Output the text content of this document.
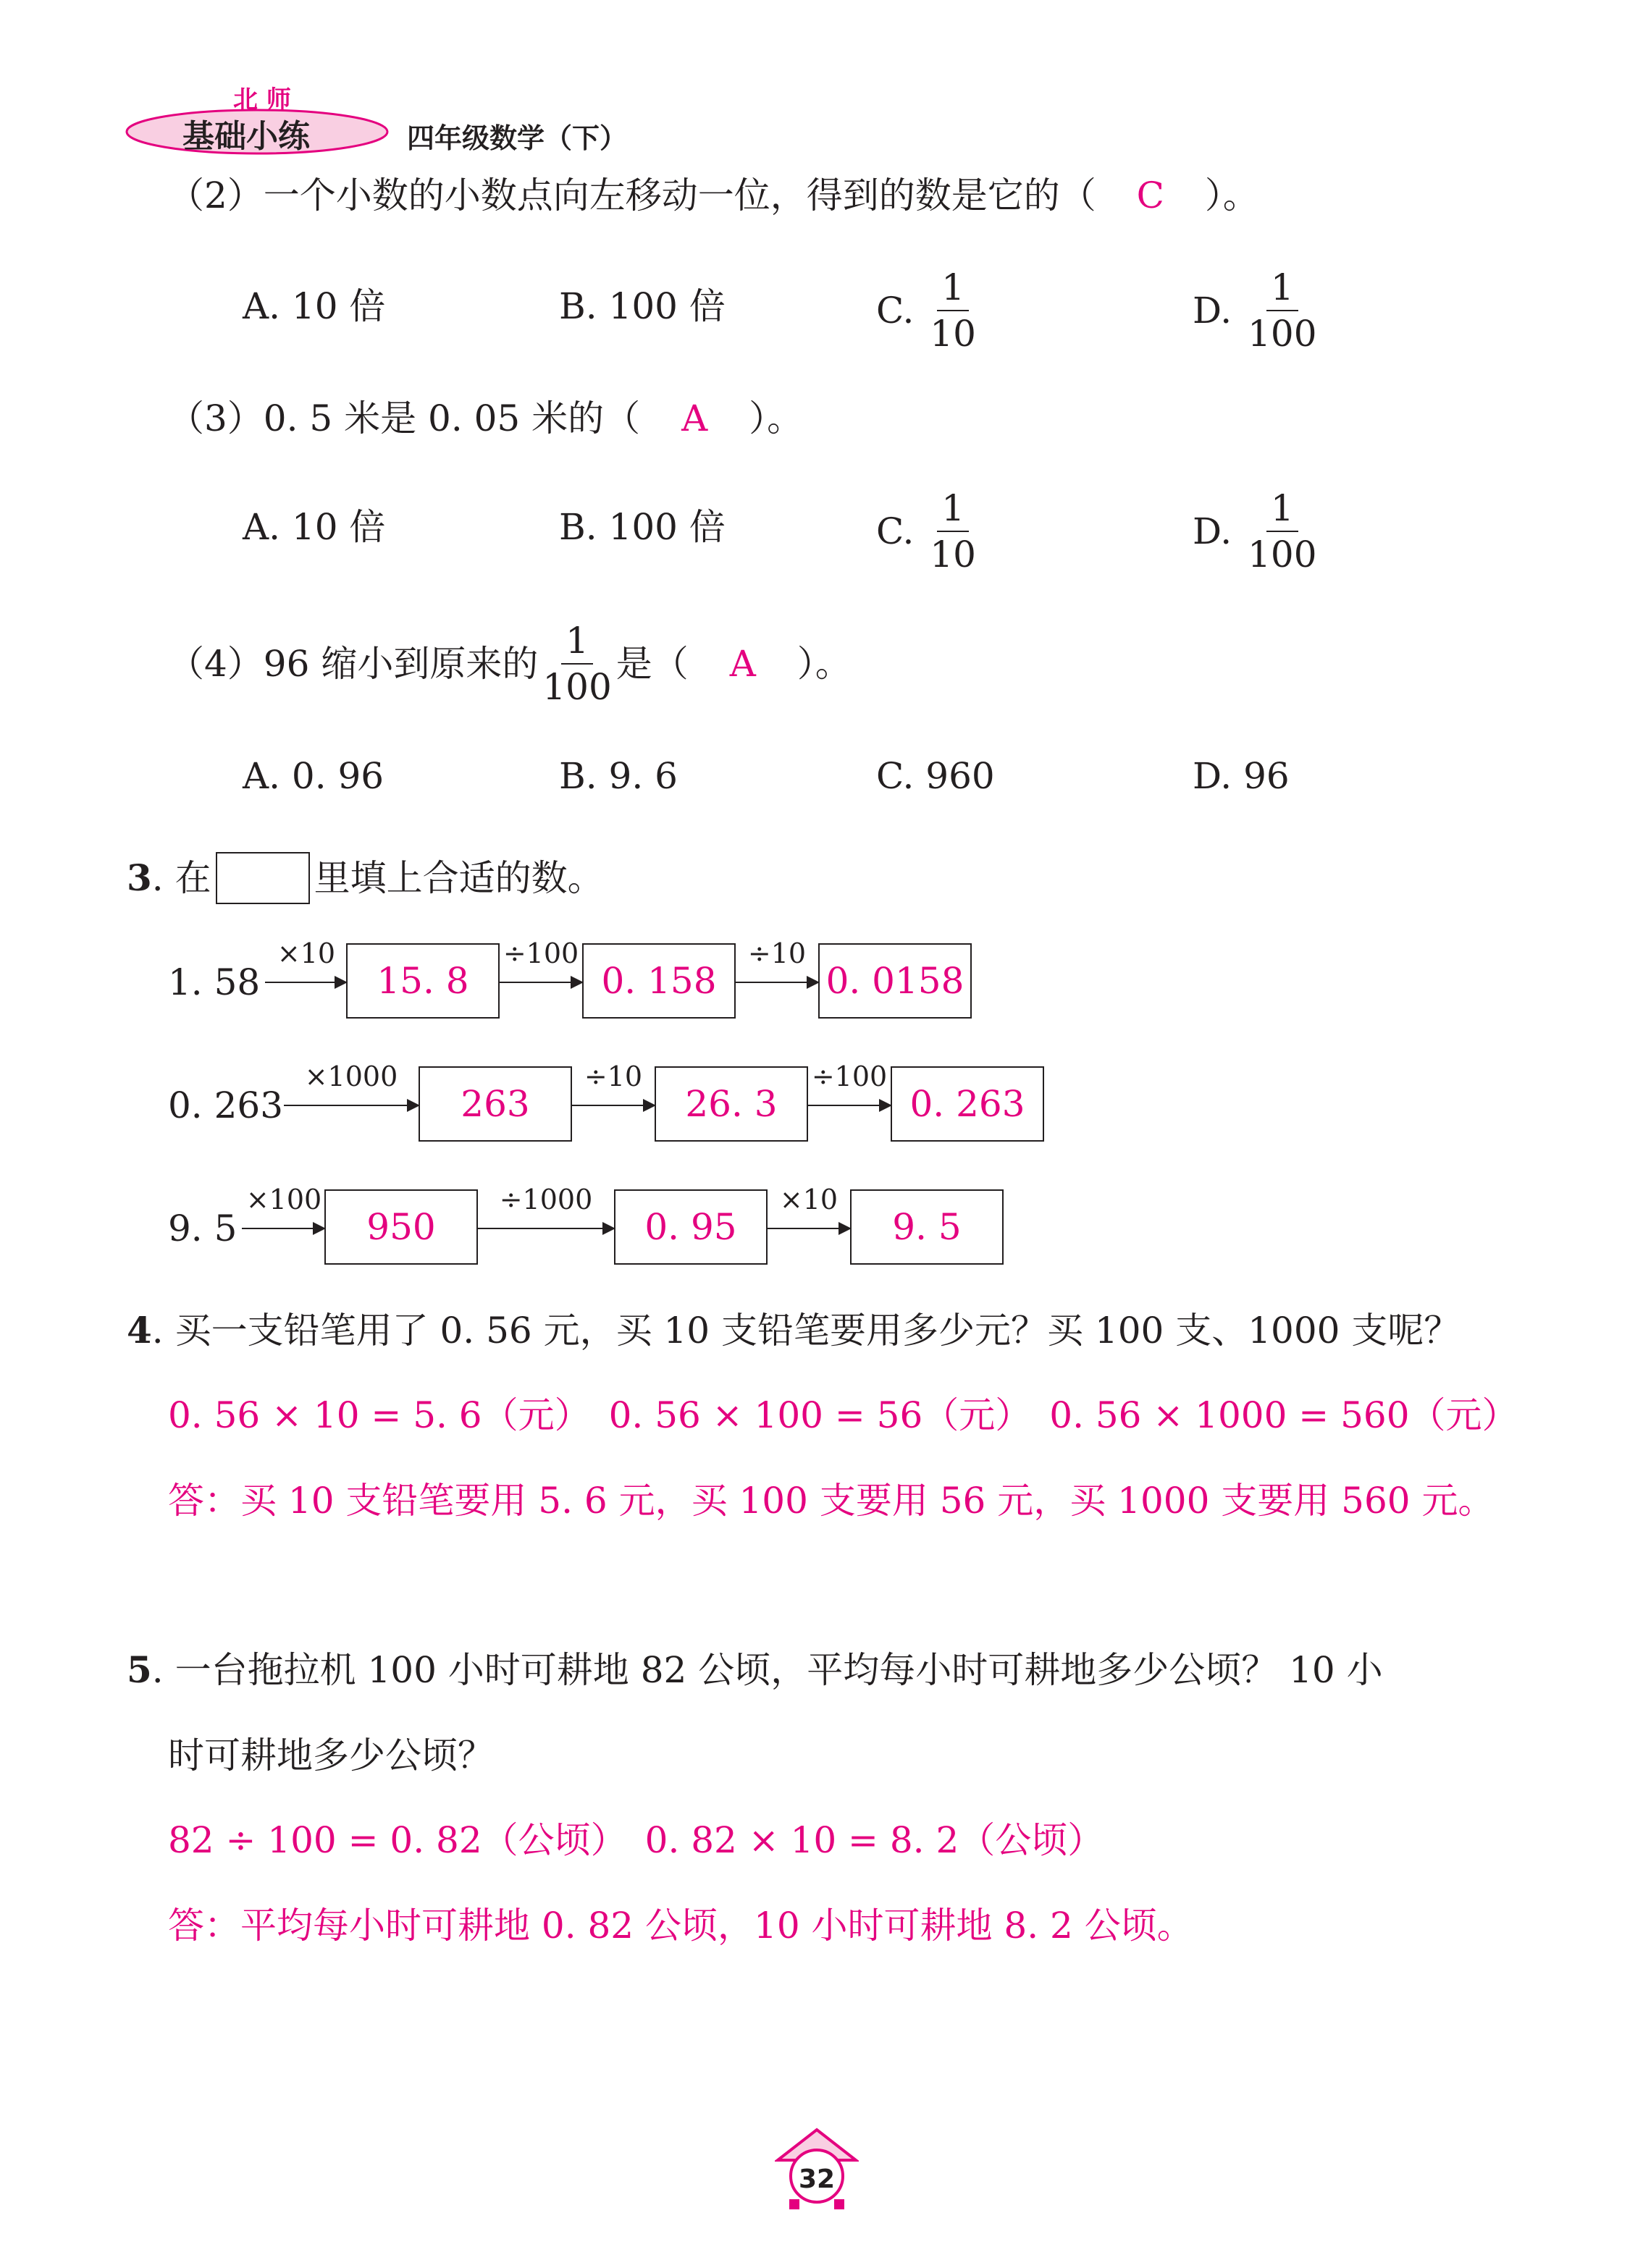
北 师
基础小练	四年级数学（下）
（2）一个小数的小数点向左移动一位，得到的数是它的（ C ）。
A. 10 倍	B. 100 倍	C. $\frac{1}{10}$	D. $\frac{1}{100}$
（3）0. 5 米是 0. 05 米的（ A ）。
A. 10 倍	B. 100 倍	C. $\frac{1}{10}$	D. $\frac{1}{100}$
（4）96 缩小到原来的 $\frac{1}{100}$ 是（	A	）。
A. 0. 96	B. 9. 6	C. 960	D. 96
3 . 在	里填上合适的数。
1. 58
×10
15. 8
÷100
0. 158
÷10
0. 0158
0. 263
×1000
263
÷10
26. 3
÷100
0. 263
9. 5
×100
950
÷1000
0. 95
×10
9. 5
4. 买一支铅笔用了 0. 56 元，买 10 支铅笔要用多少元？买 100 支、1000 支呢？
0. 56 × 10 = 5. 6（元）　0. 56 × 100 = 56（元）　0. 56 × 1000 = 560（元）
答：买 10 支铅笔要用 5. 6 元，买 100 支要用 56 元，买 1000 支要用 560 元。
5. 一台拖拉机 100 小时可耕地 82 公顷，平均每小时可耕地多少公顷？ 10 小
时可耕地多少公顷？
82 ÷ 100 = 0. 82（公顷）　0. 82 × 10 = 8. 2（公顷）
答：平均每小时可耕地 0. 82 公顷，10 小时可耕地 8. 2 公顷。
32
